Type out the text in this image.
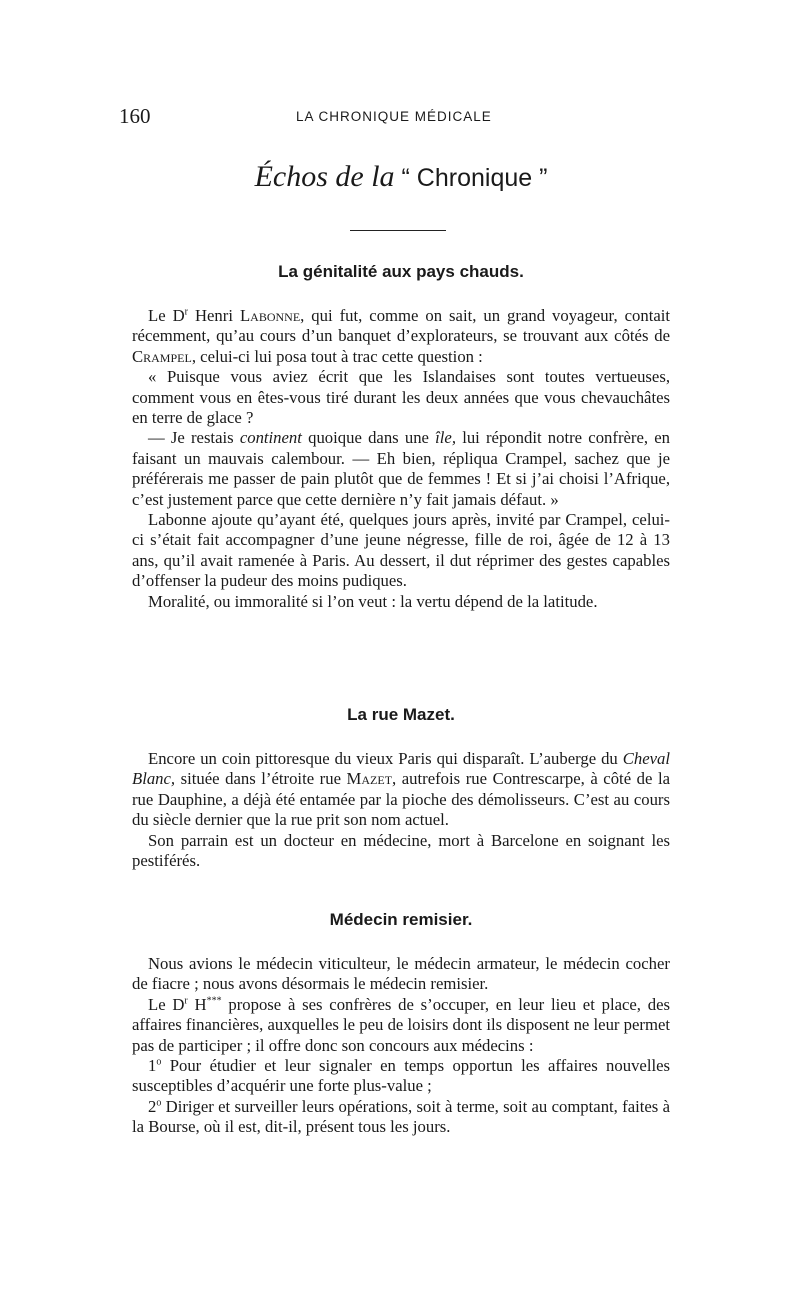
160	LA CHRONIQUE MÉDICALE
Échos de la “ Chronique ”
La génitalité aux pays chauds.

Le $D^r$ Henri Labonne, qui fut, comme on sait, un grand voyageur, contait récemment, qu’au cours d’un banquet d’explorateurs, se trouvant aux côtés de Crampel, celui-ci lui posa tout à trac cette question :

« Puisque vous aviez écrit que les Islandaises sont toutes vertueuses, comment vous en êtes-vous tiré durant les deux années que vous chevauchâtes en terre de glace ?

— Je restais continent quoique dans une île, lui répondit notre confrère, en faisant un mauvais calembour. — Eh bien, répliqua Crampel, sachez que je préférerais me passer de pain plutôt que de femmes ! Et si j’ai choisi l’Afrique, c’est justement parce que cette dernière n’y fait jamais défaut. »

Labonne ajoute qu’ayant été, quelques jours après, invité par Crampel, celui-ci s’était fait accompagner d’une jeune négresse, fille de roi, âgée de 12 à 13 ans, qu’il avait ramenée à Paris. Au dessert, il dut réprimer des gestes capables d’offenser la pudeur des moins pudiques.

Moralité, ou immoralité si l’on veut : la vertu dépend de la latitude.

La rue Mazet.

Encore un coin pittoresque du vieux Paris qui disparaît. L’auberge du Cheval Blanc, située dans l’étroite rue Mazet, autrefois rue Contrescarpe, à côté de la rue Dauphine, a déjà été entamée par la pioche des démolisseurs. C’est au cours du siècle dernier que la rue prit son nom actuel.

Son parrain est un docteur en médecine, mort à Barcelone en soignant les pestiférés.

Médecin remisier.

Nous avions le médecin viticulteur, le médecin armateur, le médecin cocher de fiacre ; nous avons désormais le médecin remisier.

Le $D^r$ H*** propose à ses confrères de s’occuper, en leur lieu et place, des affaires financières, auxquelles le peu de loisirs dont ils disposent ne leur permet pas de participer ; il offre donc son concours aux médecins :

1$^o$ Pour étudier et leur signaler en temps opportun les affaires nouvelles susceptibles d’acquérir une forte plus-value ;

2$^o$ Diriger et surveiller leurs opérations, soit à terme, soit au comptant, faites à la Bourse, où il est, dit-il, présent tous les jours.
